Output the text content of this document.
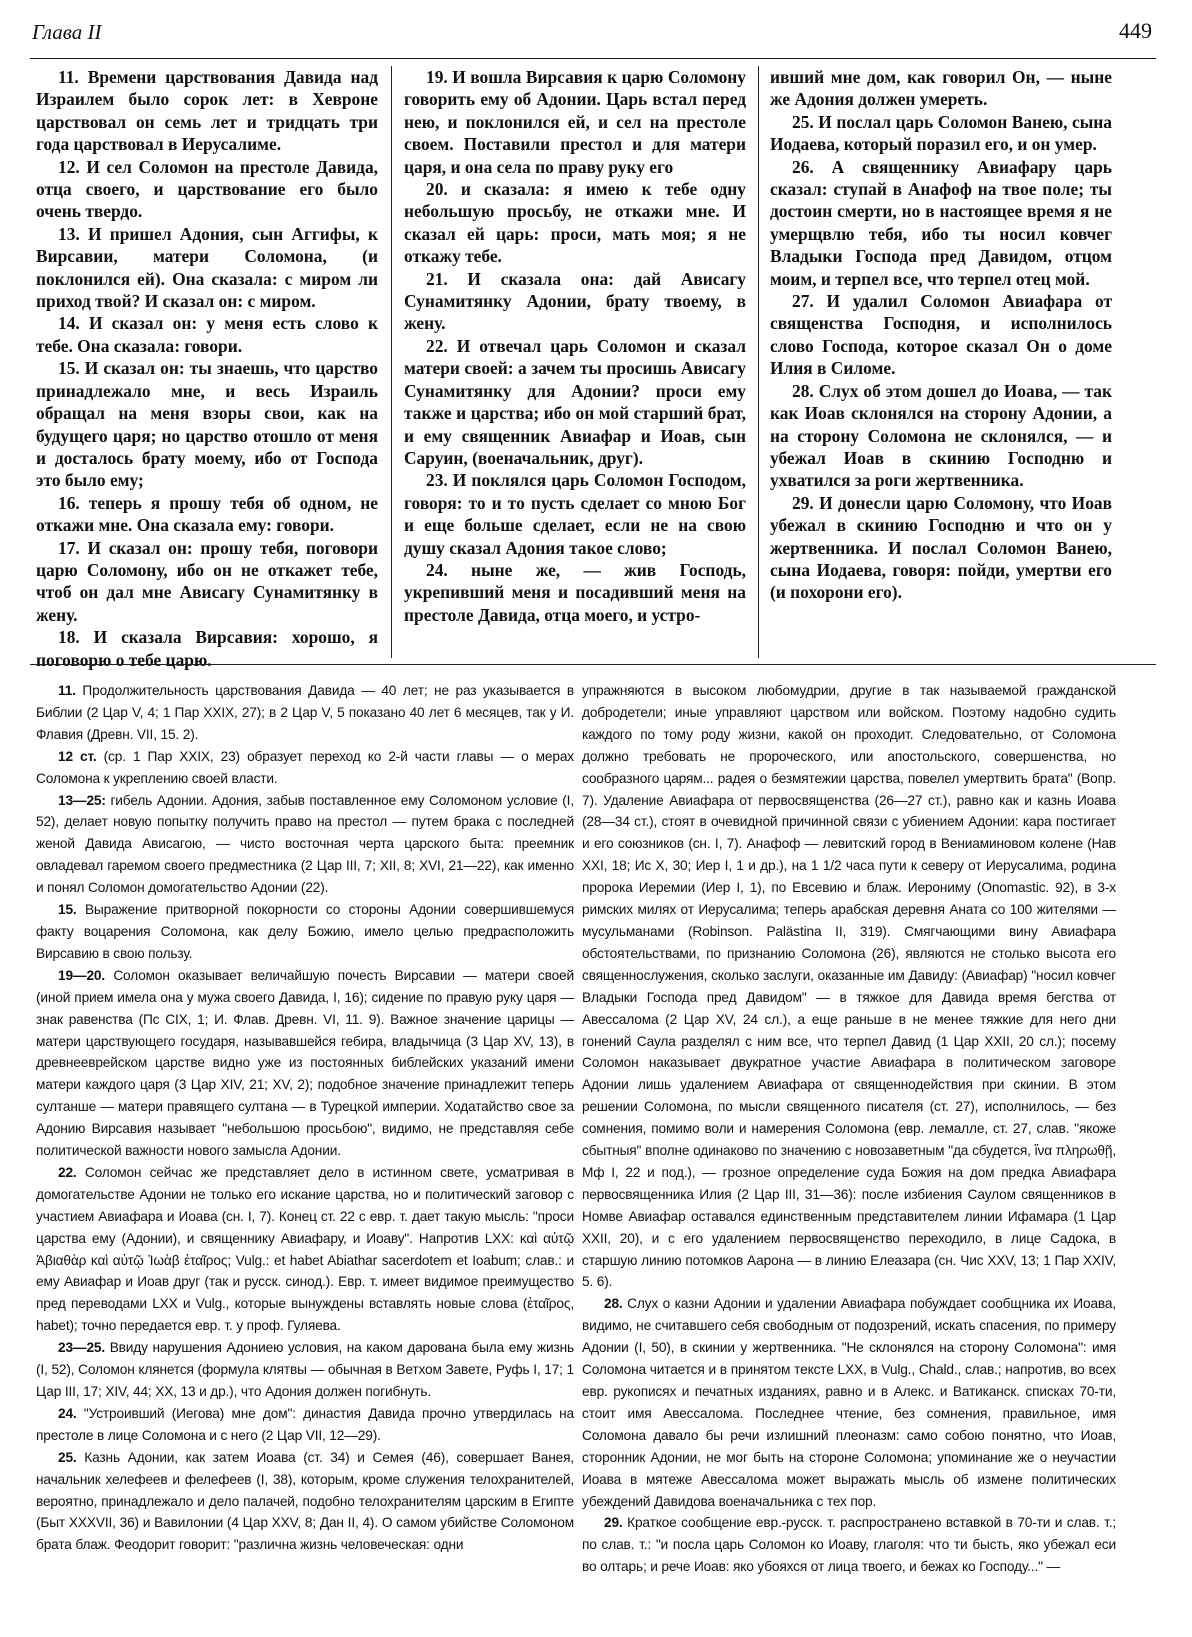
Глава II	449

11. Времени царствования Давида над Израилем было сорок лет: в Хевроне царствовал он семь лет и тридцать три года царствовал в Иерусалиме.

12. И сел Соломон на престоле Давида, отца своего, и царствование его было очень твердо.

13. И пришел Адония, сын Аггифы, к Вирсавии, матери Соломона, (и поклонился ей). Она сказала: с миром ли приход твой? И сказал он: с миром.

14. И сказал он: у меня есть слово к тебе. Она сказала: говори.

15. И сказал он: ты знаешь, что царство принадлежало мне, и весь Израиль обращал на меня взоры свои, как на будущего царя; но царство отошло от меня и досталось брату моему, ибо от Господа это было ему;

16. теперь я прошу тебя об одном, не откажи мне. Она сказала ему: говори.

17. И сказал он: прошу тебя, поговори царю Соломону, ибо он не откажет тебе, чтоб он дал мне Ависагу Сунамитянку в жену.

18. И сказала Вирсавия: хорошо, я поговорю о тебе царю.

19. И вошла Вирсавия к царю Соломону говорить ему об Адонии. Царь встал перед нею, и поклонился ей, и сел на престоле своем. Поставили престол и для матери царя, и она села по праву руку его

20. и сказала: я имею к тебе одну небольшую просьбу, не откажи мне. И сказал ей царь: проси, мать моя; я не откажу тебе.

21. И сказала она: дай Ависагу Сунамитянку Адонии, брату твоему, в жену.

22. И отвечал царь Соломон и сказал матери своей: а зачем ты просишь Ависагу Сунамитянку для Адонии? проси ему также и царства; ибо он мой старший брат, и ему священник Авиафар и Иоав, сын Саруин, (военачальник, друг).

23. И поклялся царь Соломон Господом, говоря: то и то пусть сделает со мною Бог и еще больше сделает, если не на свою душу сказал Адония такое слово;

24. ныне же, — жив Господь, укрепивший меня и посадивший меня на престоле Давида, отца моего, и устро-

ивший мне дом, как говорил Он, — ныне же Адония должен умереть.

25. И послал царь Соломон Ванею, сына Иодаева, который поразил его, и он умер.

26. А священнику Авиафару царь сказал: ступай в Анафоф на твое поле; ты достоин смерти, но в настоящее время я не умерщвлю тебя, ибо ты носил ковчег Владыки Господа пред Давидом, отцом моим, и терпел все, что терпел отец мой.

27. И удалил Соломон Авиафара от священства Господня, и исполнилось слово Господа, которое сказал Он о доме Илия в Силоме.

28. Слух об этом дошел до Иоава, — так как Иоав склонялся на сторону Адонии, а на сторону Соломона не склонялся, — и убежал Иоав в скинию Господню и ухватился за роги жертвенника.

29. И донесли царю Соломону, что Иоав убежал в скинию Господню и что он у жертвенника. И послал Соломон Ванею, сына Иодаева, говоря: пойди, умертви его (и похорони его).

11. Продолжительность царствования Давида — 40 лет; не раз указывается в Библии (2 Цар V, 4; 1 Пар XXIX, 27); в 2 Цар V, 5 показано 40 лет 6 месяцев, так у И. Флавия (Древн. VII, 15. 2).

12 ст. (ср. 1 Пар XXIX, 23) образует переход ко 2-й части главы — о мерах Соломона к укреплению своей власти.

13—25: гибель Адонии. Адония, забыв поставленное ему Соломоном условие (I, 52), делает новую попытку получить право на престол — путем брака с последней женой Давида Ависагою, — чисто восточная черта царского быта: преемник овладевал гаремом своего предместника (2 Цар III, 7; XII, 8; XVI, 21—22), как именно и понял Соломон домогательство Адонии (22).

15. Выражение притворной покорности со стороны Адонии совершившемуся факту воцарения Соломона, как делу Божию, имело целью предрасположить Вирсавию в свою пользу.

19—20. Соломон оказывает величайшую почесть Вирсавии — матери своей (иной прием имела она у мужа своего Давида, I, 16); сидение по правую руку царя — знак равенства (Пс CIX, 1; И. Флав. Древн. VI, 11. 9). Важное значение царицы — матери царствующего государя, называвшейся гебира, владычица (3 Цар XV, 13), в древнееврейском царстве видно уже из постоянных библейских указаний имени матери каждого царя (3 Цар XIV, 21; XV, 2); подобное значение принадлежит теперь султанше — матери правящего султана — в Турецкой империи. Ходатайство свое за Адонию Вирсавия называет "небольшою просьбою", видимо, не представляя себе политической важности нового замысла Адонии.

22. Соломон сейчас же представляет дело в истинном свете, усматривая в домогательстве Адонии не только его искание царства, но и политический заговор с участием Авиафара и Иоава (сн. I, 7). Конец ст. 22 с евр. т. дает такую мысль: "проси царства ему (Адонии), и священнику Авиафару, и Иоаву". Напротив LXX: καὶ αὐτῷ Ἀβιαθὰρ καὶ αὐτῷ Ἰωὰβ ἑταῖρος; Vulg.: et habet Abiathar sacerdotem et Ioabum; слав.: и ему Авиафар и Иоав друг (так и русск. синод.). Евр. т. имеет видимое преимущество пред переводами LXX и Vulg., которые вынуждены вставлять новые слова (ἑταῖρος, habet); точно передается евр. т. у проф. Гуляева.

23—25. Ввиду нарушения Адониею условия, на каком дарована была ему жизнь (I, 52), Соломон клянется (формула клятвы — обычная в Ветхом Завете, Руфь I, 17; 1 Цар III, 17; XIV, 44; XX, 13 и др.), что Адония должен погибнуть.

24. "Устроивший (Иегова) мне дом": династия Давида прочно утвердилась на престоле в лице Соломона и с него (2 Цар VII, 12—29).

25. Казнь Адонии, как затем Иоава (ст. 34) и Семея (46), совершает Ванея, начальник хелефеев и фелефеев (I, 38), которым, кроме служения телохранителей, вероятно, принадлежало и дело палачей, подобно телохранителям царским в Египте (Быт XXXVII, 36) и Вавилонии (4 Цар XXV, 8; Дан II, 4). О самом убийстве Соломоном брата блаж. Феодорит говорит: "различна жизнь человеческая: одни

упражняются в высоком любомудрии, другие в так называемой гражданской добродетели; иные управляют царством или войском. Поэтому надобно судить каждого по тому роду жизни, какой он проходит. Следовательно, от Соломона должно требовать не пророческого, или апостольского, совершенства, но сообразного царям... радея о безмятежии царства, повелел умертвить брата" (Вопр. 7). Удаление Авиафара от первосвященства (26—27 ст.), равно как и казнь Иоава (28—34 ст.), стоят в очевидной причинной связи с убиением Адонии: кара постигает и его союзников (сн. I, 7). Анафоф — левитский город в Вениаминовом колене (Нав XXI, 18; Ис X, 30; Иер I, 1 и др.), на 1 1/2 часа пути к северу от Иерусалима, родина пророка Иеремии (Иер I, 1), по Евсевию и блаж. Иерониму (Onomastic. 92), в 3-х римских милях от Иерусалима; теперь арабская деревня Аната со 100 жителями — мусульманами (Robinson. Palästina II, 319). Смягчающими вину Авиафара обстоятельствами, по признанию Соломона (26), являются не столько высота его священнослужения, сколько заслуги, оказанные им Давиду: (Авиафар) "носил ковчег Владыки Господа пред Давидом" — в тяжкое для Давида время бегства от Авессалома (2 Цар XV, 24 сл.), а еще раньше в не менее тяжкие для него дни гонений Саула разделял с ним все, что терпел Давид (1 Цар XXII, 20 сл.); посему Соломон наказывает двукратное участие Авиафара в политическом заговоре Адонии лишь удалением Авиафара от священнодействия при скинии. В этом решении Соломона, по мысли священного писателя (ст. 27), исполнилось, — без сомнения, помимо воли и намерения Соломона (евр. лемалле, ст. 27, слав. "якоже сбытныя" вполне одинаково по значению с новозаветным "да сбудется, ἵνα πληρωθῇ, Мф I, 22 и под.), — грозное определение суда Божия на дом предка Авиафара первосвященника Илия (2 Цар III, 31—36): после избиения Саулом священников в Номве Авиафар оставался единственным представителем линии Ифамара (1 Цар XXII, 20), и с его удалением первосвященство переходило, в лице Садока, в старшую линию потомков Аарона — в линию Елеазара (сн. Чис XXV, 13; 1 Пар XXIV, 5. 6).

28. Слух о казни Адонии и удалении Авиафара побуждает сообщника их Иоава, видимо, не считавшего себя свободным от подозрений, искать спасения, по примеру Адонии (I, 50), в скинии у жертвенника. "Не склонялся на сторону Соломона": имя Соломона читается и в принятом тексте LXX, в Vulg., Chald., слав.; напротив, во всех евр. рукописях и печатных изданиях, равно и в Алекс. и Ватиканск. списках 70-ти, стоит имя Авессалома. Последнее чтение, без сомнения, правильное, имя Соломона давало бы речи излишний плеоназм: само собою понятно, что Иоав, сторонник Адонии, не мог быть на стороне Соломона; упоминание же о неучастии Иоава в мятеже Авессалома может выражать мысль об измене политических убеждений Давидова военачальника с тех пор.

29. Краткое сообщение евр.-русск. т. распространено вставкой в 70-ти и слав. т.; по слав. т.: "и посла царь Соломон ко Иоаву, глаголя: что ти бысть, яко убежал еси во олтарь; и рече Иоав: яко убояхся от лица твоего, и бежах ко Господу..." —
